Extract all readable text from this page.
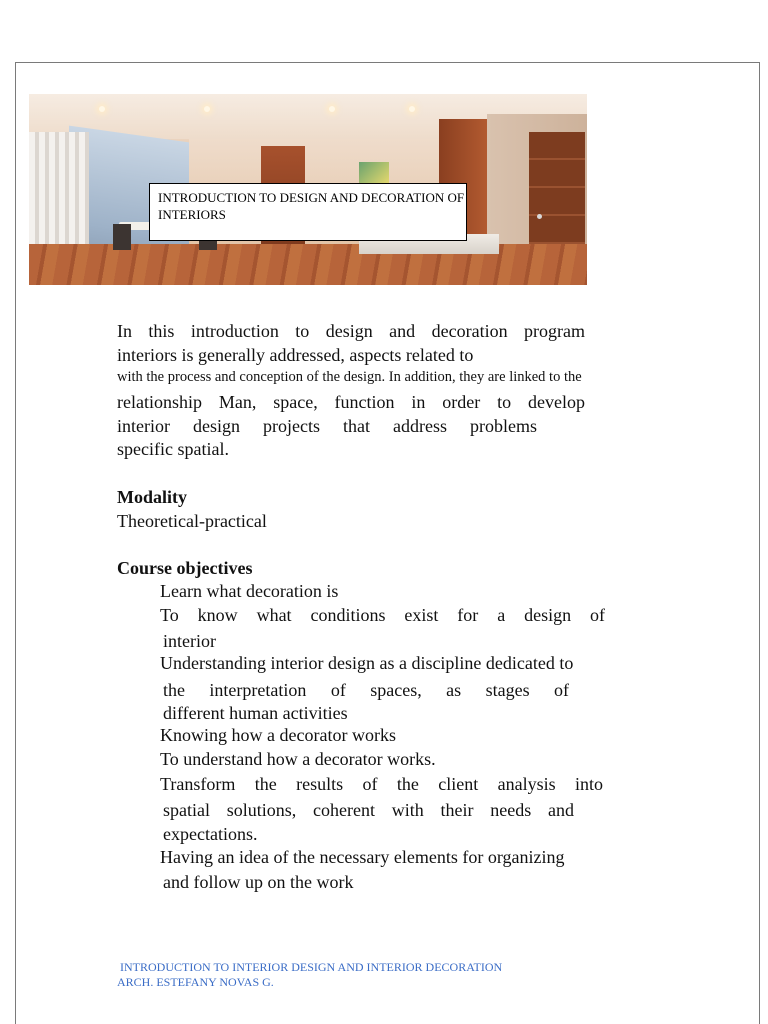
INTRODUCTION TO DESIGN AND DECORATION OF
INTERIORS
In this introduction to design and decoration program
interiors is generally addressed, aspects related to
with the process and conception of the design. In addition, they are linked to the
relationship Man, space, function in order to develop
interior design projects that address problems
specific spatial.
Modality
Theoretical-practical
Course objectives
Learn what decoration is
To know what conditions exist for a design of
interior
Understanding interior design as a discipline dedicated to
the interpretation of spaces, as stages of
different human activities
Knowing how a decorator works
To understand how a decorator works.
Transform the results of the client analysis into
spatial solutions, coherent with their needs and
expectations.
Having an idea of the necessary elements for organizing
and follow up on the work
INTRODUCTION TO INTERIOR DESIGN AND INTERIOR DECORATION
ARCH. ESTEFANY NOVAS G.
